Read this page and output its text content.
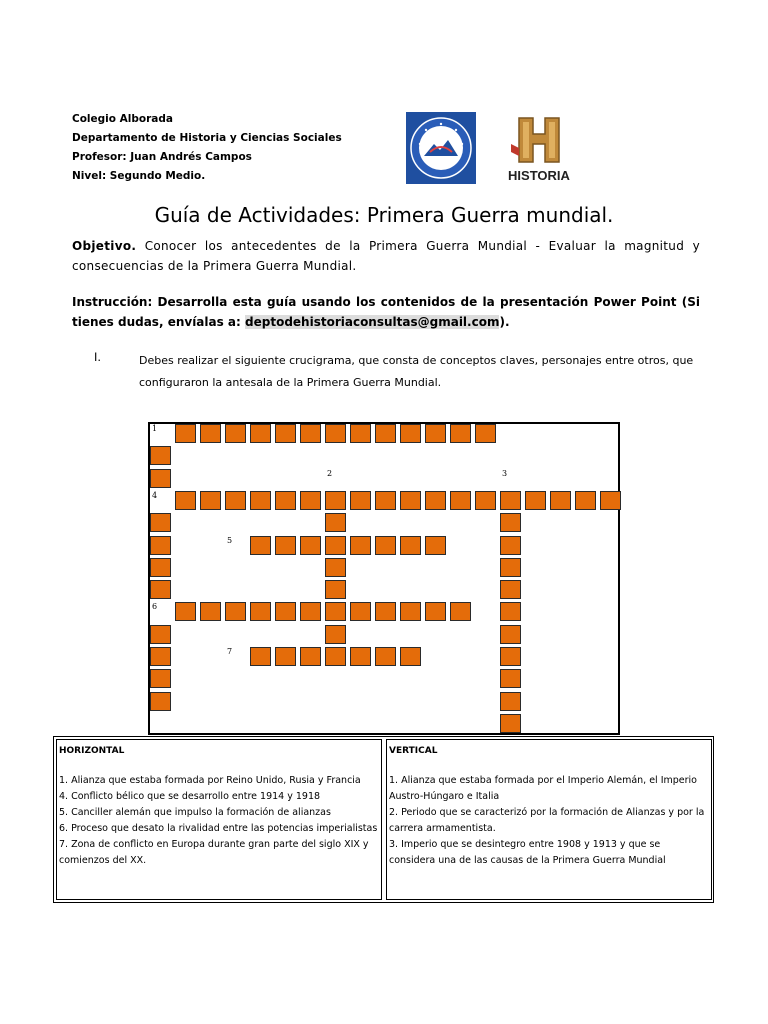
Colegio Alborada
Departamento de Historia y Ciencias Sociales
Profesor: Juan Andrés Campos
Nivel: Segundo Medio.	HISTORIA
Guía de Actividades: Primera Guerra mundial.
Objetivo. Conocer los antecedentes de la Primera Guerra Mundial - Evaluar la magnitud y consecuencias de la Primera Guerra Mundial.
Instrucción: Desarrolla esta guía usando los contenidos de la presentación Power Point (Si tienes dudas, envíalas a: deptodehistoriaconsultas@gmail.com).
I.	Debes realizar el siguiente crucigrama, que consta de conceptos claves, personajes entre otros, que configuraron la antesala de la Primera Guerra Mundial.
1
4
6
2	3
5
7
HORIZONTAL
1. Alianza que estaba formada por Reino Unido, Rusia y Francia
4. Conflicto bélico que se desarrollo entre 1914 y 1918
5. Canciller alemán que impulso la formación de alianzas
6. Proceso que desato la rivalidad entre las potencias imperialistas
7. Zona de conflicto en Europa durante gran parte del siglo XIX y comienzos del XX.
VERTICAL
1. Alianza que estaba formada por el Imperio Alemán, el Imperio Austro-Húngaro e Italia
2. Periodo que se caracterizó por la formación de Alianzas y por la carrera armamentista.
3. Imperio que se desintegro entre 1908 y 1913 y que se considera una de las causas de la Primera Guerra Mundial
